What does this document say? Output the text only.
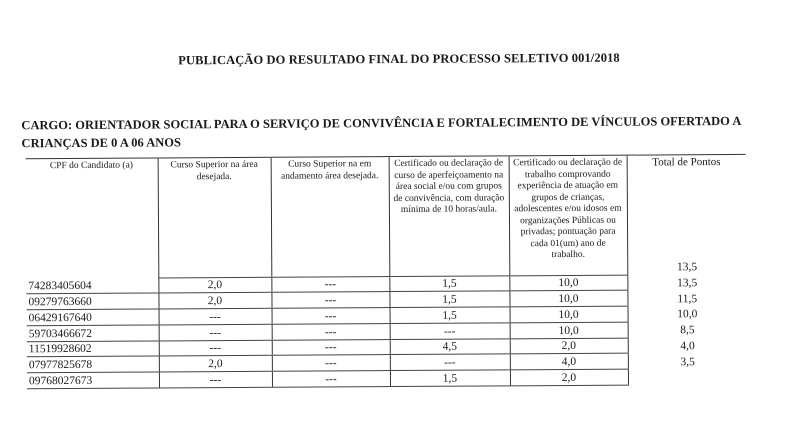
PUBLICAÇÃO DO RESULTADO FINAL DO PROCESSO SELETIVO 001/2018
CARGO: ORIENTADOR SOCIAL PARA O SERVIÇO DE CONVIVÊNCIA E FORTALECIMENTO DE VÍNCULOS OFERTADO A
CRIANÇAS DE 0 A 06 ANOS
CPF do Candidato (a)	Curso Superior na área desejada.	Curso Superior na em andamento área desejada.	Certificado ou declaração de curso de aperfeiçoamento na área social e/ou com grupos de convivência, com duração mínima de 10 horas/aula.	Certificado ou declaração de trabalho comprovando experiência de atuação em grupos de crianças, adolescentes e/ou idosos em organizações Públicas ou privadas; pontuação para cada 01(um) ano de trabalho.	Total de Pontos
					13,5
74283405604	2,0	---	1,5	10,0	13,5
09279763660	2,0	---	1,5	10,0	11,5
06429167640	---	---	1,5	10,0	10,0
59703466672	---	---	---	10,0	8,5
11519928602	---	---	4,5	2,0	4,0
07977825678	2,0	---	---	4,0	3,5
09768027673	---	---	1,5	2,0	
